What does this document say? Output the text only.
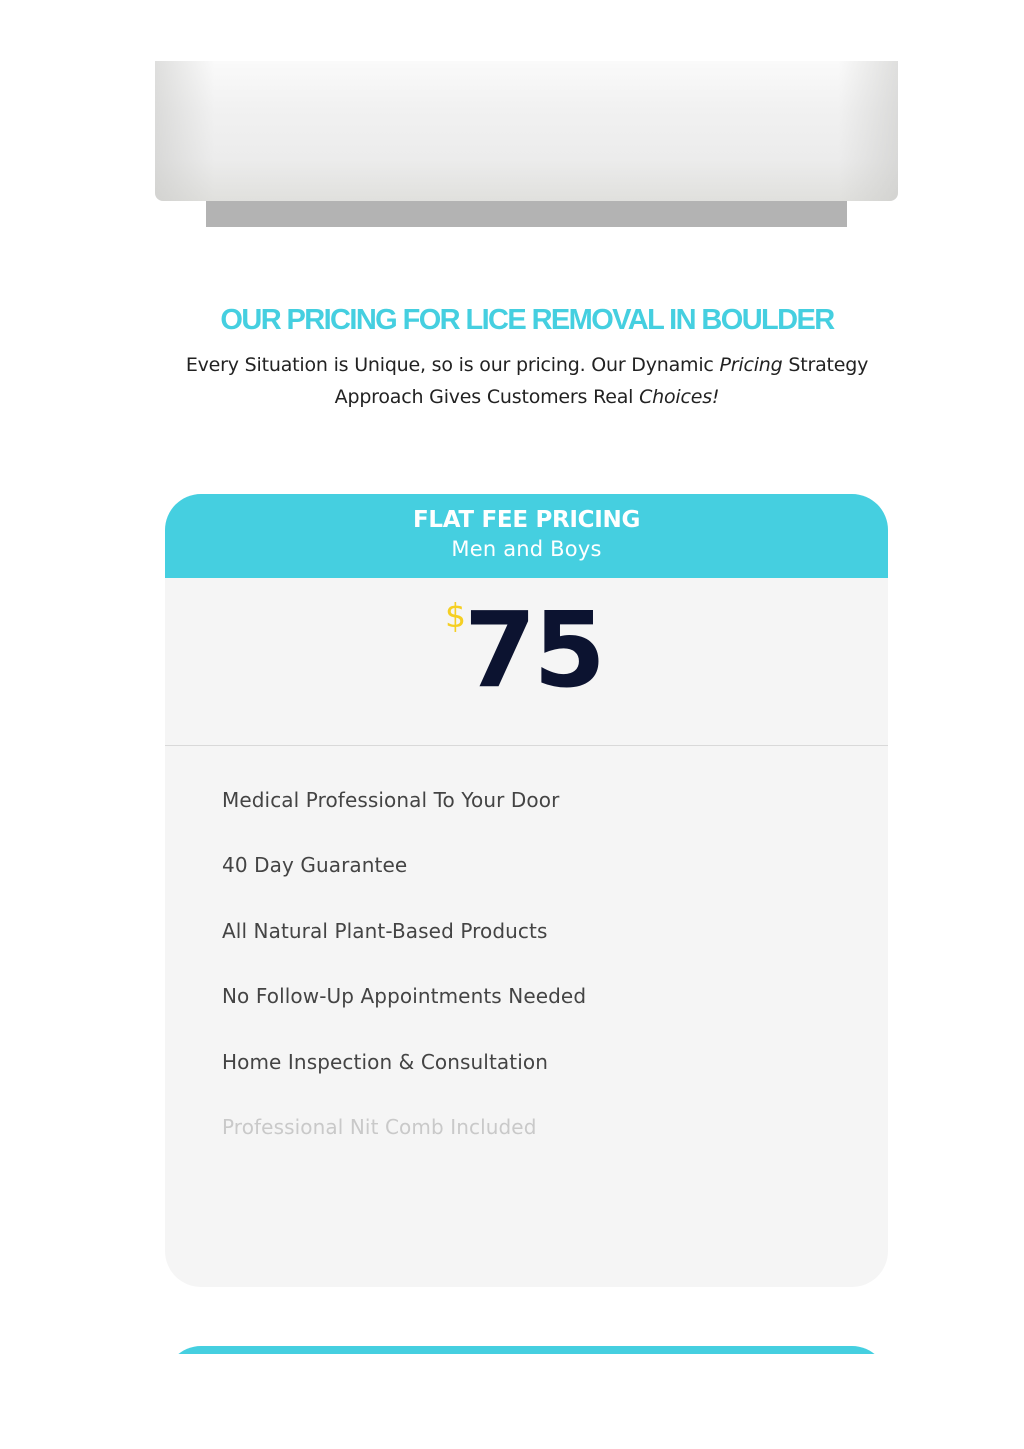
OUR PRICING FOR LICE REMOVAL IN BOULDER

Every Situation is Unique, so is our pricing. Our Dynamic Pricing Strategy Approach Gives Customers Real Choices!

FLAT FEE PRICING
Men and Boys
$
75
Medical Professional To Your Door
40 Day Guarantee
All Natural Plant-Based Products
No Follow-Up Appointments Needed
Home Inspection & Consultation
Professional Nit Comb Included
